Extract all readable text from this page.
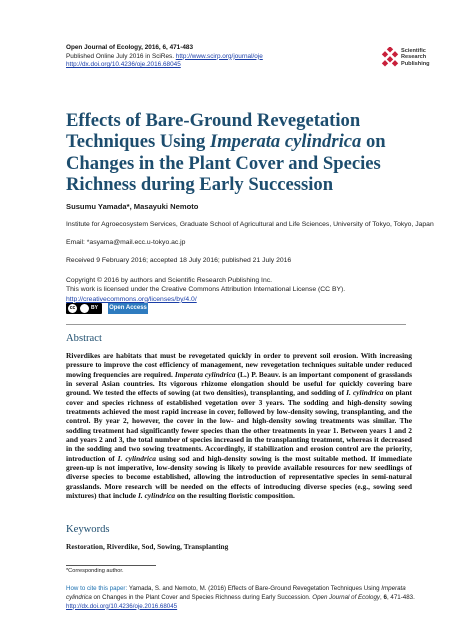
Open Journal of Ecology, 2016, 6, 471-483
Published Online July 2016 in SciRes. http://www.scirp.org/journal/oje
http://dx.doi.org/10.4236/oje.2016.68045
Scientific
Research
Publishing
Effects of Bare-Ground Revegetation Techniques Using Imperata cylindrica on Changes in the Plant Cover and Species Richness during Early Succession
Susumu Yamada*, Masayuki Nemoto
Institute for Agroecosystem Services, Graduate School of Agricultural and Life Sciences, University of Tokyo, Tokyo, Japan
Email: *asyama@mail.ecc.u-tokyo.ac.jp
Received 9 February 2016; accepted 18 July 2016; published 21 July 2016
Copyright © 2016 by authors and Scientific Research Publishing Inc.
This work is licensed under the Creative Commons Attribution International License (CC BY).
http://creativecommons.org/licenses/by/4.0/
cc	BY Open Access
Abstract
Riverdikes are habitats that must be revegetated quickly in order to prevent soil erosion. With increasing pressure to improve the cost efficiency of management, new revegetation techniques suitable under reduced mowing frequencies are required. Imperata cylindrica (L.) P. Beauv. is an important component of grasslands in several Asian countries. Its vigorous rhizome elongation should be useful for quickly covering bare ground. We tested the effects of sowing (at two densities), transplanting, and sodding of I. cylindrica on plant cover and species richness of established vegetation over 3 years. The sodding and high-density sowing treatments achieved the most rapid increase in cover, followed by low-density sowing, transplanting, and the control. By year 2, however, the cover in the low- and high-density sowing treatments was similar. The sodding treatment had significantly fewer species than the other treatments in year 1. Between years 1 and 2 and years 2 and 3, the total number of species increased in the transplanting treatment, whereas it decreased in the sodding and two sowing treatments. Accordingly, if stabilization and erosion control are the priority, introduction of I. cylindrica using sod and high-density sowing is the most suitable method. If immediate green-up is not imperative, low-density sowing is likely to provide available resources for new seedlings of diverse species to become established, allowing the introduction of representative species in semi-natural grasslands. More research will be needed on the effects of introducing diverse species (e.g., sowing seed mixtures) that include I. cylindrica on the resulting floristic composition.
Keywords
Restoration, Riverdike, Sod, Sowing, Transplanting
*Corresponding author.
How to cite this paper: Yamada, S. and Nemoto, M. (2016) Effects of Bare-Ground Revegetation Techniques Using Imperata cylindrica on Changes in the Plant Cover and Species Richness during Early Succession. Open Journal of Ecology, 6, 471-483. http://dx.doi.org/10.4236/oje.2016.68045
